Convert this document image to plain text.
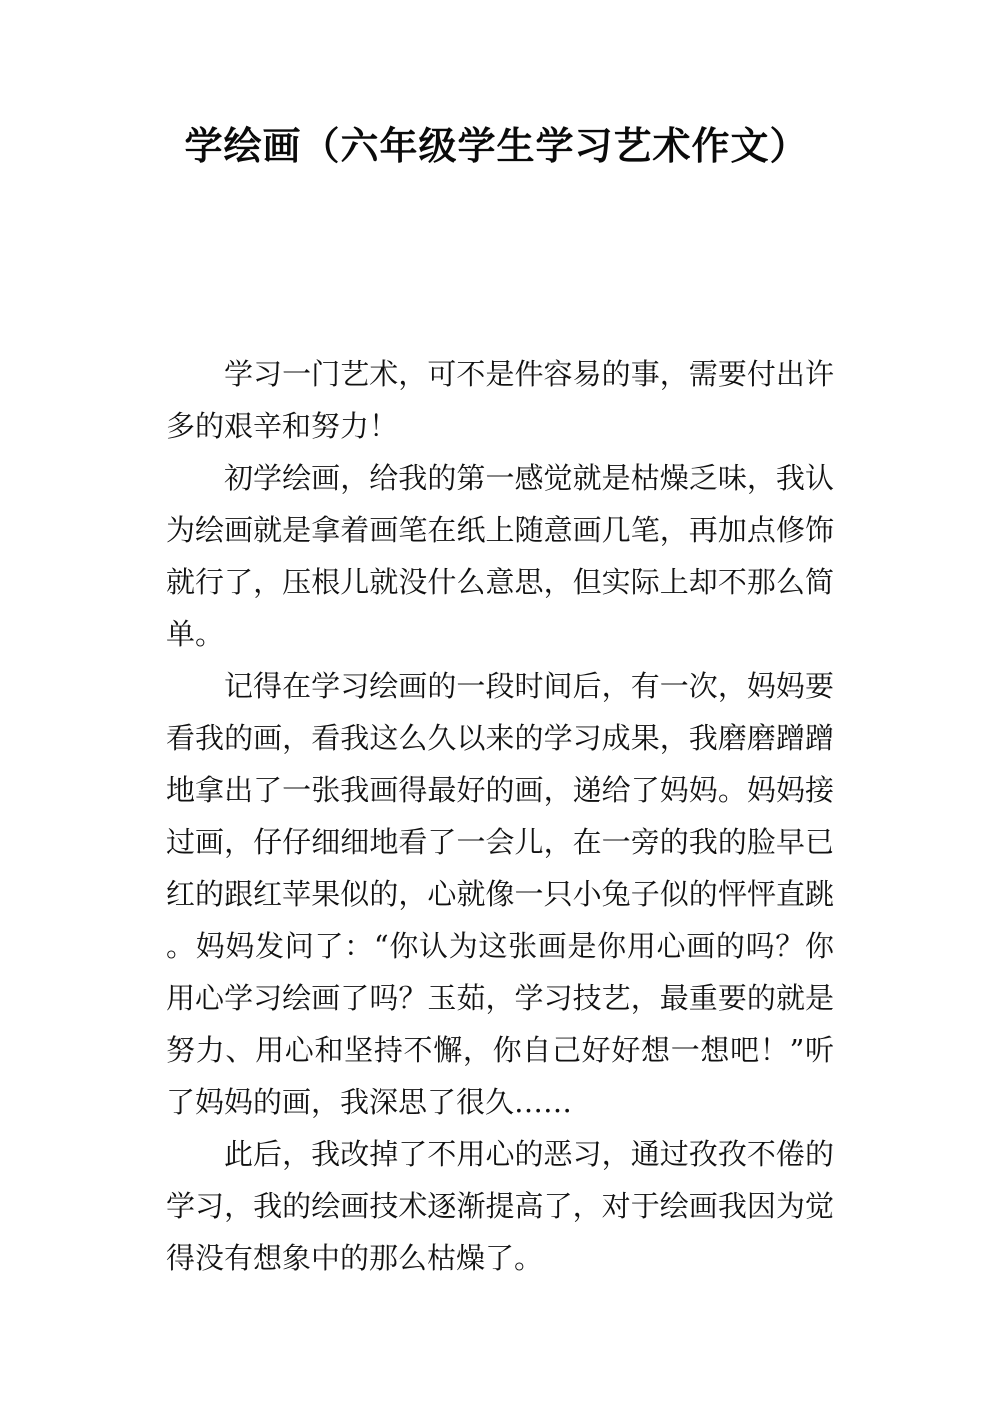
学绘画（六年级学生学习艺术作文）

学习一门艺术，可不是件容易的事，需要付出许多的艰辛和努力！

初学绘画，给我的第一感觉就是枯燥乏味，我认为绘画就是拿着画笔在纸上随意画几笔，再加点修饰就行了，压根儿就没什么意思，但实际上却不那么简单。

记得在学习绘画的一段时间后，有一次，妈妈要看我的画，看我这么久以来的学习成果，我磨磨蹭蹭地拿出了一张我画得最好的画，递给了妈妈。妈妈接过画，仔仔细细地看了一会儿，在一旁的我的脸早已红的跟红苹果似的，心就像一只小兔子似的怦怦直跳。妈妈发问了：“你认为这张画是你用心画的吗？你用心学习绘画了吗？玉茹，学习技艺，最重要的就是努力、用心和坚持不懈，你自己好好想一想吧！”听了妈妈的画，我深思了很久……

此后，我改掉了不用心的恶习，通过孜孜不倦的学习，我的绘画技术逐渐提高了，对于绘画我因为觉得没有想象中的那么枯燥了。
